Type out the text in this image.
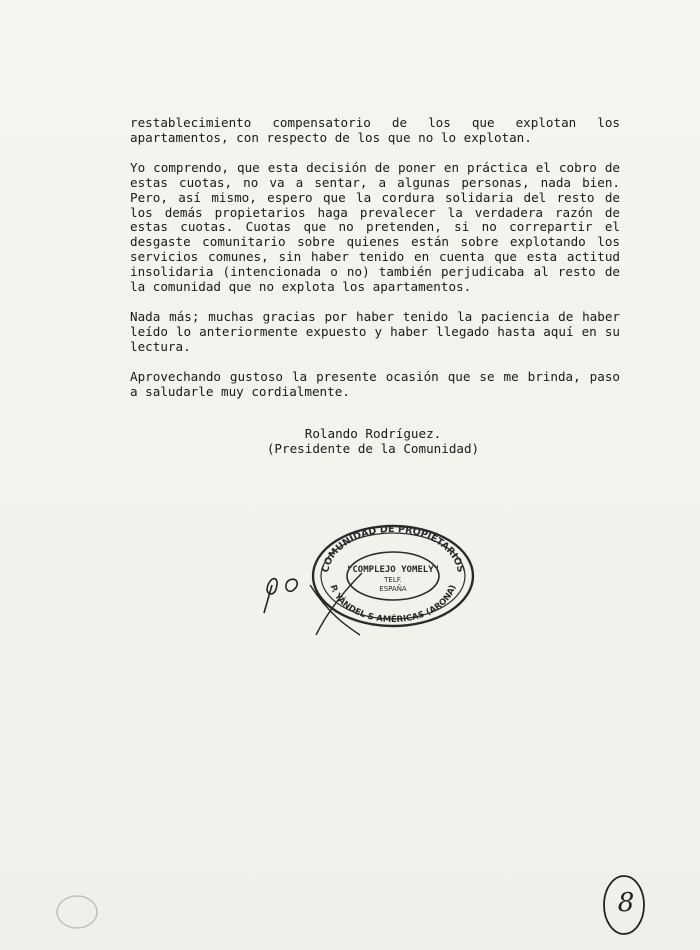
restablecimiento compensatorio de los que explotan los apartamentos, con respecto de los que no lo explotan.

Yo comprendo, que esta decisión de poner en práctica el cobro de estas cuotas, no va a sentar, a algunas personas, nada bien. Pero, así mismo, espero que la cordura solidaria del resto de los demás propietarios haga prevalecer la verdadera razón de estas cuotas. Cuotas que no pretenden, si no correpartir el desgaste comunitario sobre quienes están sobre explotando los servicios comunes, sin haber tenido en cuenta que esta actitud insolidaria (intencionada o no) también perjudicaba al resto de la comunidad que no explota los apartamentos.

Nada más; muchas gracias por haber tenido la paciencia de haber leído lo anteriormente expuesto y haber llegado hasta aquí en su lectura.

Aprovechando gustoso la presente ocasión que se me brinda, paso a saludarle muy cordialmente.

Rolando Rodríguez.
(Presidente de la Comunidad)
COMUNIDAD DE PROPIETARIOS
P. YÁNDEL S AMÉRICAS (ARONA)
"COMPLEJO YOMELY"
TELF.
ESPAÑA
8
